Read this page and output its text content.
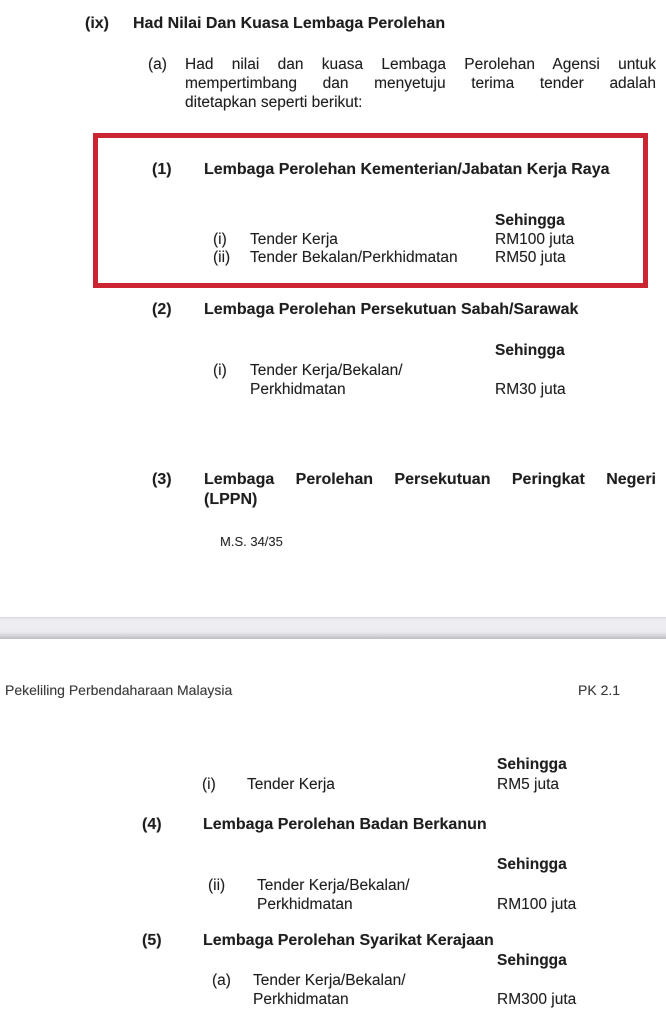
(ix) Had Nilai Dan Kuasa Lembaga Perolehan
(a) Had nilai dan kuasa Lembaga Perolehan Agensi untuk
mempertimbang dan menyetuju terima tender adalah
ditetapkan seperti berikut:
(1) Lembaga Perolehan Kementerian/Jabatan Kerja Raya
Sehingga
(i) Tender Kerja	RM100 juta
(ii) Tender Bekalan/Perkhidmatan RM50 juta
(2) Lembaga Perolehan Persekutuan Sabah/Sarawak
Sehingga
(i) Tender Kerja/Bekalan/
Perkhidmatan	RM30 juta
(3) Lembaga Perolehan Persekutuan Peringkat Negeri
(LPPN)
M.S. 34/35
Pekeliling Perbendaharaan Malaysia	PK 2.1
Sehingga
(i) Tender Kerja	RM5 juta
(4)	Lembaga Perolehan Badan Berkanun
Sehingga
(ii) Tender Kerja/Bekalan/
Perkhidmatan	RM100 juta
(5)	Lembaga Perolehan Syarikat Kerajaan
Sehingga
(a) Tender Kerja/Bekalan/
Perkhidmatan	RM300 juta
